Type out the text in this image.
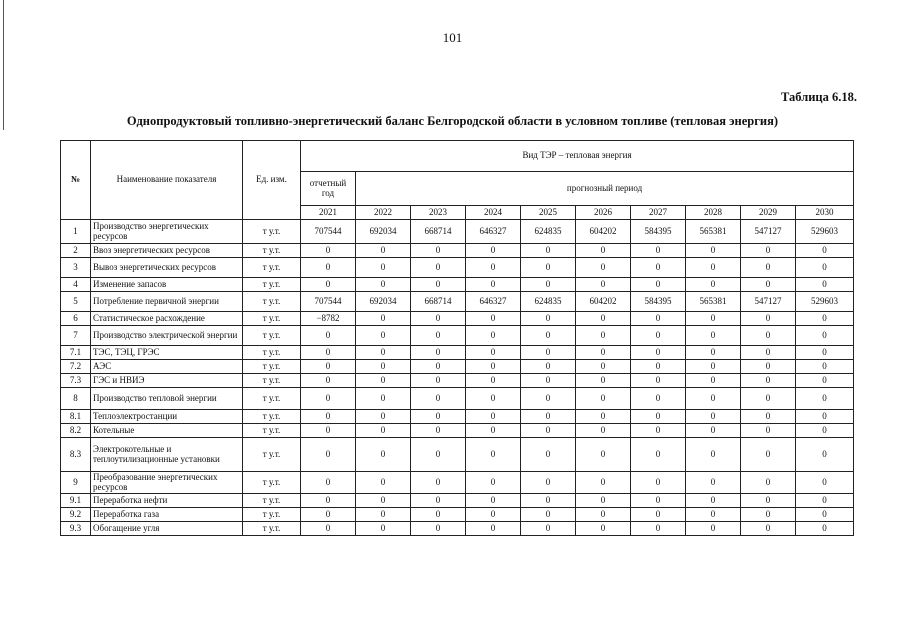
101
Таблица 6.18.
Однопродуктовый топливно-энергетический баланс Белгородской области в условном топливе (тепловая энергия)
№	Наименование показателя	Ед. изм.	Вид ТЭР – тепловая энергия									
			отчетный год	прогнозный период								
			2021	2022	2023	2024	2025	2026	2027	2028	2029	2030
1	Производство энергетических ресурсов	т у.т.	707544	692034	668714	646327	624835	604202	584395	565381	547127	529603
2	Ввоз энергетических ресурсов	т у.т.	0	0	0	0	0	0	0	0	0	0
3	Вывоз энергетических ресурсов	т у.т.	0	0	0	0	0	0	0	0	0	0
4	Изменение запасов	т у.т.	0	0	0	0	0	0	0	0	0	0
5	Потребление первичной энергии	т у.т.	707544	692034	668714	646327	624835	604202	584395	565381	547127	529603
6	Статистическое расхождение	т у.т.	−8782	0	0	0	0	0	0	0	0	0
7	Производство электрической энергии	т у.т.	0	0	0	0	0	0	0	0	0	0
7.1	ТЭС, ТЭЦ, ГРЭС	т у.т.	0	0	0	0	0	0	0	0	0	0
7.2	АЭС	т у.т.	0	0	0	0	0	0	0	0	0	0
7.3	ГЭС и НВИЭ	т у.т.	0	0	0	0	0	0	0	0	0	0
8	Производство тепловой энергии	т у.т.	0	0	0	0	0	0	0	0	0	0
8.1	Теплоэлектростанции	т у.т.	0	0	0	0	0	0	0	0	0	0
8.2	Котельные	т у.т.	0	0	0	0	0	0	0	0	0	0
8.3	Электрокотельные и теплоутилизационные установки	т у.т.	0	0	0	0	0	0	0	0	0	0
9	Преобразование энергетических ресурсов	т у.т.	0	0	0	0	0	0	0	0	0	0
9.1	Переработка нефти	т у.т.	0	0	0	0	0	0	0	0	0	0
9.2	Переработка газа	т у.т.	0	0	0	0	0	0	0	0	0	0
9.3	Обогащение угля	т у.т.	0	0	0	0	0	0	0	0	0	0
